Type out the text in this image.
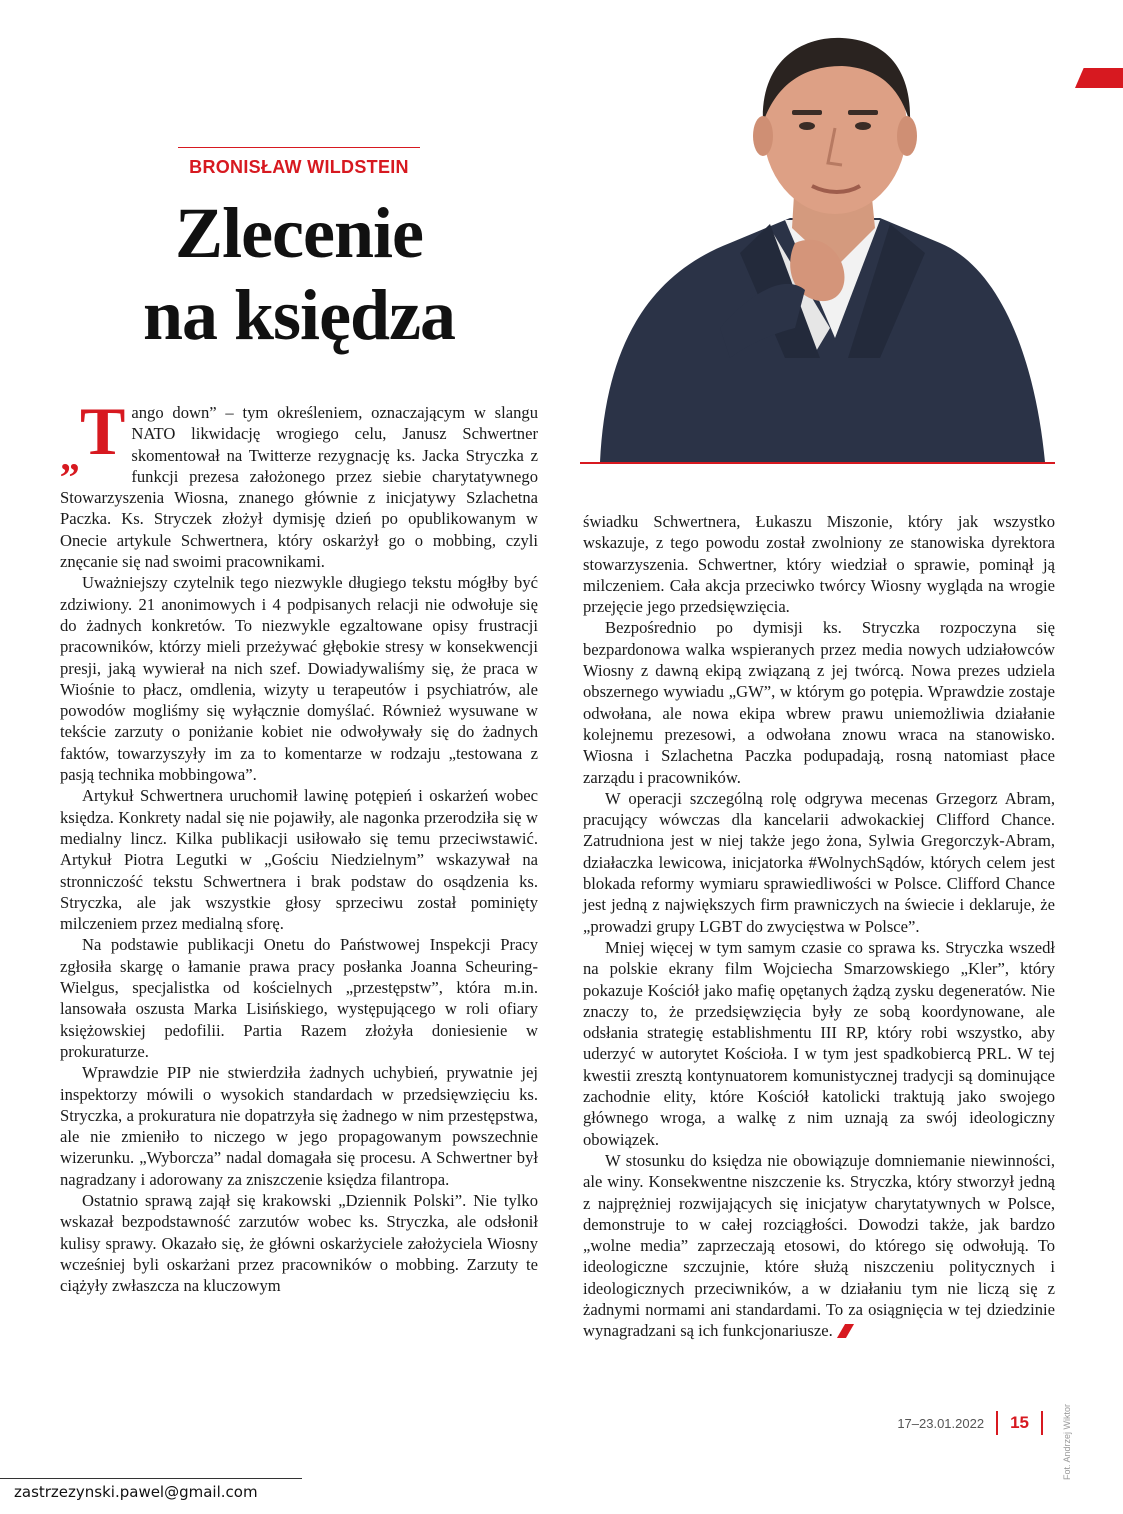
BRONISŁAW WILDSTEIN
Zlecenie
na księdza

$_„$T ango down” – tym określeniem, oznaczającym w slangu NATO likwidację wrogiego celu, Janusz Schwertner skomentował na Twitterze rezygnację ks. Jacka Stryczka z funkcji prezesa założonego przez siebie charytatywnego Stowarzyszenia Wiosna, znanego głównie z inicjatywy Szlachetna Paczka. Ks. Stryczek złożył dymisję dzień po opublikowanym w Onecie artykule Schwertnera, który oskarżył go o mobbing, czyli znęcanie się nad swoimi pracownikami.

Uważniejszy czytelnik tego niezwykle długiego tekstu mógłby być zdziwiony. 21 anonimowych i 4 podpisanych relacji nie odwołuje się do żadnych konkretów. To niezwykle egzaltowane opisy frustracji pracowników, którzy mieli przeżywać głębokie stresy w konsekwencji presji, jaką wywierał na nich szef. Dowiadywaliśmy się, że praca w Wiośnie to płacz, omdlenia, wizyty u terapeutów i psychiatrów, ale powodów mogliśmy się wyłącznie domyślać. Również wysuwane w tekście zarzuty o poniżanie kobiet nie odwoływały się do żadnych faktów, towarzyszyły im za to komentarze w rodzaju „testowana z pasją technika mobbingowa”.

Artykuł Schwertnera uruchomił lawinę potępień i oskarżeń wobec księdza. Konkrety nadal się nie pojawiły, ale nagonka przerodziła się w medialny lincz. Kilka publikacji usiłowało się temu przeciwstawić. Artykuł Piotra Legutki w „Gościu Niedzielnym” wskazywał na stronniczość tekstu Schwertnera i brak podstaw do osądzenia ks. Stryczka, ale jak wszystkie głosy sprzeciwu został pominięty milczeniem przez medialną sforę.

Na podstawie publikacji Onetu do Państwowej Inspekcji Pracy zgłosiła skargę o łamanie prawa pracy posłanka Joanna Scheuring-Wielgus, specjalistka od kościelnych „przestępstw”, która m.in. lansowała oszusta Marka Lisińskiego, występującego w roli ofiary księżowskiej pedofilii. Partia Razem złożyła doniesienie w prokuraturze.

Wprawdzie PIP nie stwierdziła żadnych uchybień, prywatnie jej inspektorzy mówili o wysokich standardach w przedsięwzięciu ks. Stryczka, a prokuratura nie dopatrzyła się żadnego w nim przestępstwa, ale nie zmieniło to niczego w jego propagowanym powszechnie wizerunku. „Wyborcza” nadal domagała się procesu. A Schwertner był nagradzany i adorowany za zniszczenie księdza filantropa.

Ostatnio sprawą zajął się krakowski „Dziennik Polski”. Nie tylko wskazał bezpodstawność zarzutów wobec ks. Stryczka, ale odsłonił kulisy sprawy. Okazało się, że główni oskarżyciele założyciela Wiosny wcześniej byli oskarżani przez pracowników o mobbing. Zarzuty te ciążyły zwłaszcza na kluczowym

świadku Schwertnera, Łukaszu Miszonie, który jak wszystko wskazuje, z tego powodu został zwolniony ze stanowiska dyrektora stowarzyszenia. Schwertner, który wiedział o sprawie, pominął ją milczeniem. Cała akcja przeciwko twórcy Wiosny wygląda na wrogie przejęcie jego przedsięwzięcia.

Bezpośrednio po dymisji ks. Stryczka rozpoczyna się bezpardonowa walka wspieranych przez media nowych udziałowców Wiosny z dawną ekipą związaną z jej twórcą. Nowa prezes udziela obszernego wywiadu „GW”, w którym go potępia. Wprawdzie zostaje odwołana, ale nowa ekipa wbrew prawu uniemożliwia działanie kolejnemu prezesowi, a odwołana znowu wraca na stanowisko. Wiosna i Szlachetna Paczka podupadają, rosną natomiast płace zarządu i pracowników.

W operacji szczególną rolę odgrywa mecenas Grzegorz Abram, pracujący wówczas dla kancelarii adwokackiej Clifford Chance. Zatrudniona jest w niej także jego żona, Sylwia Gregorczyk-Abram, działaczka lewicowa, inicjatorka #WolnychSądów, których celem jest blokada reformy wymiaru sprawiedliwości w Polsce. Clifford Chance jest jedną z największych firm prawniczych na świecie i deklaruje, że „prowadzi grupy LGBT do zwycięstwa w Polsce”.

Mniej więcej w tym samym czasie co sprawa ks. Stryczka wszedł na polskie ekrany film Wojciecha Smarzowskiego „Kler”, który pokazuje Kościół jako mafię opętanych żądzą zysku degeneratów. Nie znaczy to, że przedsięwzięcia były ze sobą koordynowane, ale odsłania strategię establishmentu III RP, który robi wszystko, aby uderzyć w autorytet Kościoła. I w tym jest spadkobiercą PRL. W tej kwestii zresztą kontynuatorem komunistycznej tradycji są dominujące zachodnie elity, które Kościół katolicki traktują jako swojego głównego wroga, a walkę z nim uznają za swój ideologiczny obowiązek.

W stosunku do księdza nie obowiązuje domniemanie niewinności, ale winy. Konsekwentne niszczenie ks. Stryczka, który stworzył jedną z najprężniej rozwijających się inicjatyw charytatywnych w Polsce, demonstruje to w całej rozciągłości. Dowodzi także, jak bardzo „wolne media” zaprzeczają etosowi, do którego się odwołują. To ideologiczne szczujnie, które służą niszczeniu politycznych i ideologicznych przeciwników, a w działaniu tym nie liczą się z żadnymi normami ani standardami. To za osiągnięcia w tej dziedzinie wynagradzani są ich funkcjonariusze.

Fot. Andrzej Wiktor
17–23.01.2022 15
zastrzezynski.pawel@gmail.com
